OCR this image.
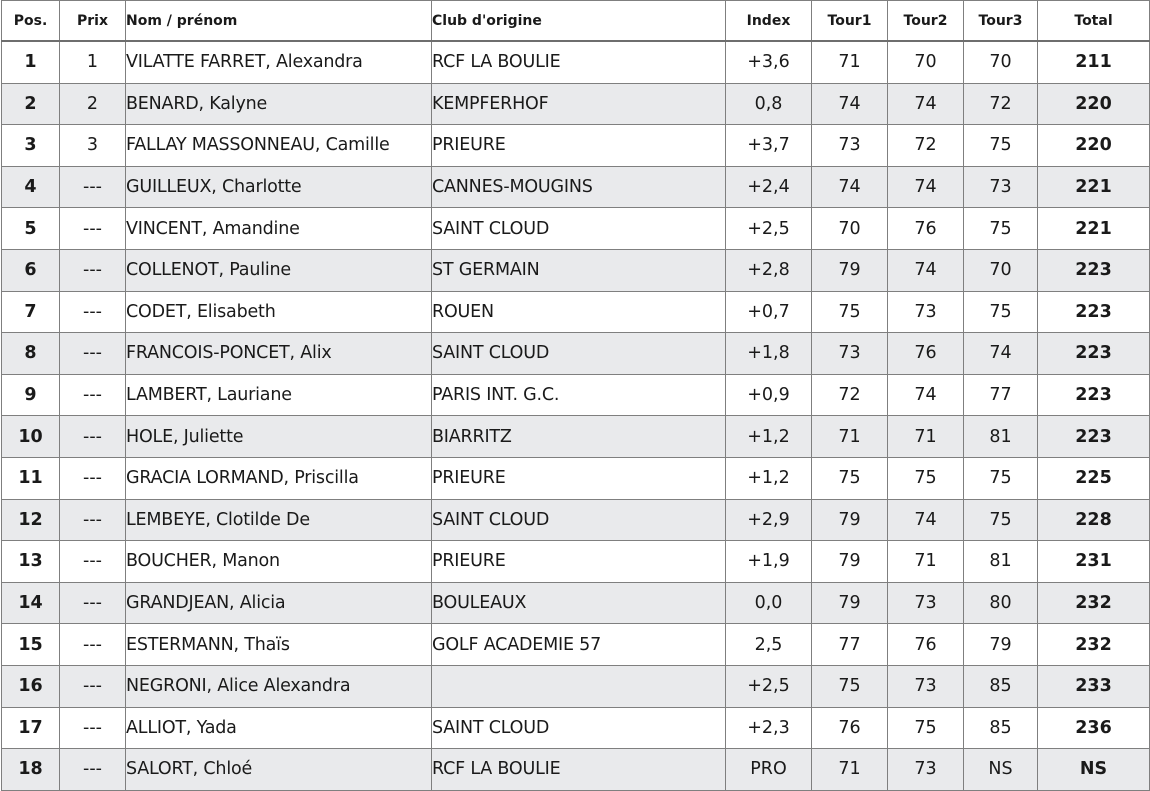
Pos.	Prix	Nom / prénom	Club d'origine	Index	Tour1	Tour2	Tour3	Total
1	1	VILATTE FARRET, Alexandra	RCF LA BOULIE	+3,6	71	70	70	211
2	2	BENARD, Kalyne	KEMPFERHOF	0,8	74	74	72	220
3	3	FALLAY MASSONNEAU, Camille	PRIEURE	+3,7	73	72	75	220
4	---	GUILLEUX, Charlotte	CANNES-MOUGINS	+2,4	74	74	73	221
5	---	VINCENT, Amandine	SAINT CLOUD	+2,5	70	76	75	221
6	---	COLLENOT, Pauline	ST GERMAIN	+2,8	79	74	70	223
7	---	CODET, Elisabeth	ROUEN	+0,7	75	73	75	223
8	---	FRANCOIS-PONCET, Alix	SAINT CLOUD	+1,8	73	76	74	223
9	---	LAMBERT, Lauriane	PARIS INT. G.C.	+0,9	72	74	77	223
10	---	HOLE, Juliette	BIARRITZ	+1,2	71	71	81	223
11	---	GRACIA LORMAND, Priscilla	PRIEURE	+1,2	75	75	75	225
12	---	LEMBEYE, Clotilde De	SAINT CLOUD	+2,9	79	74	75	228
13	---	BOUCHER, Manon	PRIEURE	+1,9	79	71	81	231
14	---	GRANDJEAN, Alicia	BOULEAUX	0,0	79	73	80	232
15	---	ESTERMANN, Thaïs	GOLF ACADEMIE 57	2,5	77	76	79	232
16	---	NEGRONI, Alice Alexandra		+2,5	75	73	85	233
17	---	ALLIOT, Yada	SAINT CLOUD	+2,3	76	75	85	236
18	---	SALORT, Chloé	RCF LA BOULIE	PRO	71	73	NS	NS
